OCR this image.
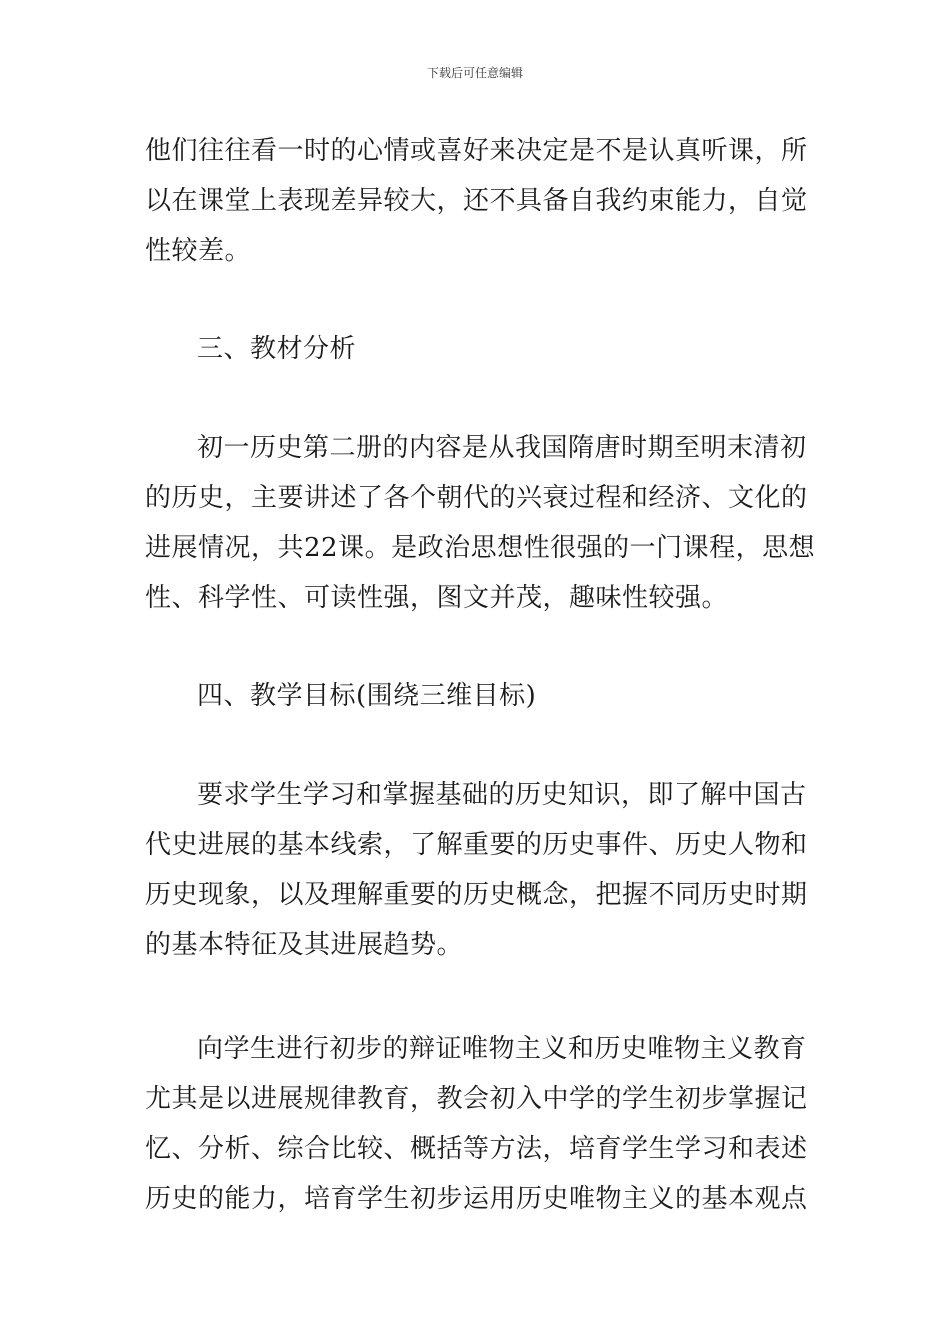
下载后可任意编辑
他们往往看一时的心情或喜好来决定是不是认真听课，所
以在课堂上表现差异较大，还不具备自我约束能力，自觉
性较差。
三、教材分析
初一历史第二册的内容是从我国隋唐时期至明末清初
的历史，主要讲述了各个朝代的兴衰过程和经济、文化的
进展情况，共22课。是政治思想性很强的一门课程，思想
性、科学性、可读性强，图文并茂，趣味性较强。
四、教学目标(围绕三维目标)
要求学生学习和掌握基础的历史知识，即了解中国古
代史进展的基本线索，了解重要的历史事件、历史人物和
历史现象，以及理解重要的历史概念，把握不同历史时期
的基本特征及其进展趋势。
向学生进行初步的辩证唯物主义和历史唯物主义教育
尤其是以进展规律教育，教会初入中学的学生初步掌握记
忆、分析、综合比较、概括等方法，培育学生学习和表述
历史的能力，培育学生初步运用历史唯物主义的基本观点
